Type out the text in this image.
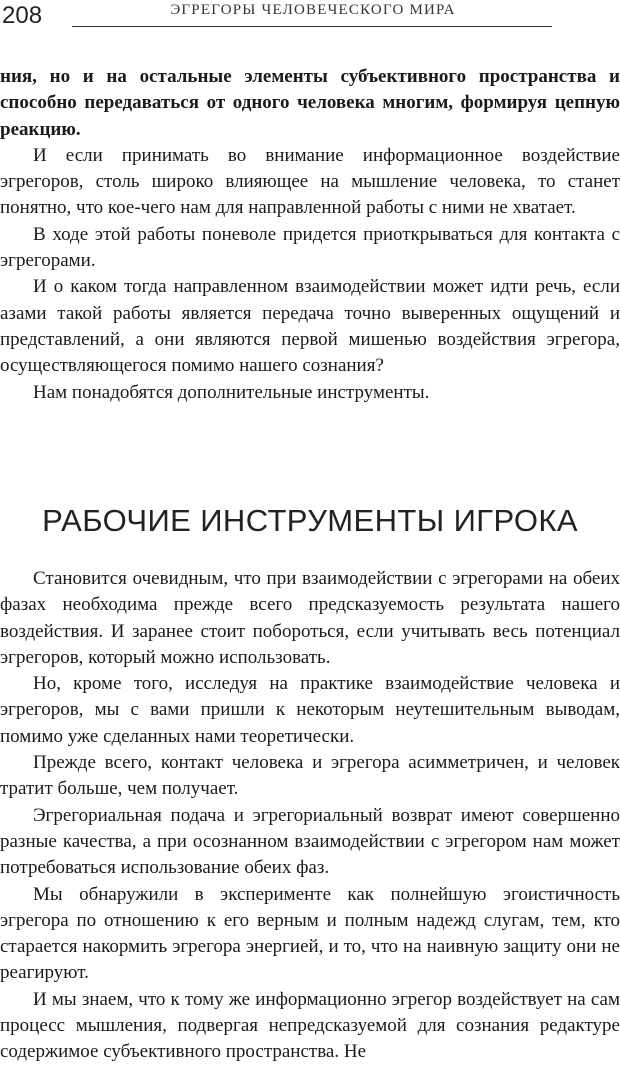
208	ЭГРЕГОРЫ ЧЕЛОВЕЧЕСКОГО МИРА

ния, но и на остальные элементы субъективного пространства и способно передаваться от одного человека многим, формируя цепную реакцию.

И если принимать во внимание информационное воздействие эгрегоров, столь широко влияющее на мышление человека, то станет понятно, что кое-чего нам для направленной работы с ними не хватает.

В ходе этой работы поневоле придется приоткрываться для контакта с эгрегорами.

И о каком тогда направленном взаимодействии может идти речь, если азами такой работы является передача точно выверенных ощущений и представлений, а они являются первой мишенью воздействия эгрегора, осуществляющегося помимо нашего сознания?

Нам понадобятся дополнительные инструменты.

РАБОЧИЕ ИНСТРУМЕНТЫ ИГРОКА

Становится очевидным, что при взаимодействии с эгрегорами на обеих фазах необходима прежде всего предсказуемость результата нашего воздействия. И заранее стоит побороться, если учитывать весь потенциал эгрегоров, который можно использовать.

Но, кроме того, исследуя на практике взаимодействие человека и эгрегоров, мы с вами пришли к некоторым неутешительным выводам, помимо уже сделанных нами теоретически.

Прежде всего, контакт человека и эгрегора асимметричен, и человек тратит больше, чем получает.

Эгрегориальная подача и эгрегориальный возврат имеют совершенно разные качества, а при осознанном взаимодействии с эгрегором нам может потребоваться использование обеих фаз.

Мы обнаружили в эксперименте как полнейшую эгоистичность эгрегора по отношению к его верным и полным надежд слугам, тем, кто старается накормить эгрегора энергией, и то, что на наивную защиту они не реагируют.

И мы знаем, что к тому же информационно эгрегор воздействует на сам процесс мышления, подвергая непредсказуемой для сознания редактуре содержимое субъективного пространства. Не
